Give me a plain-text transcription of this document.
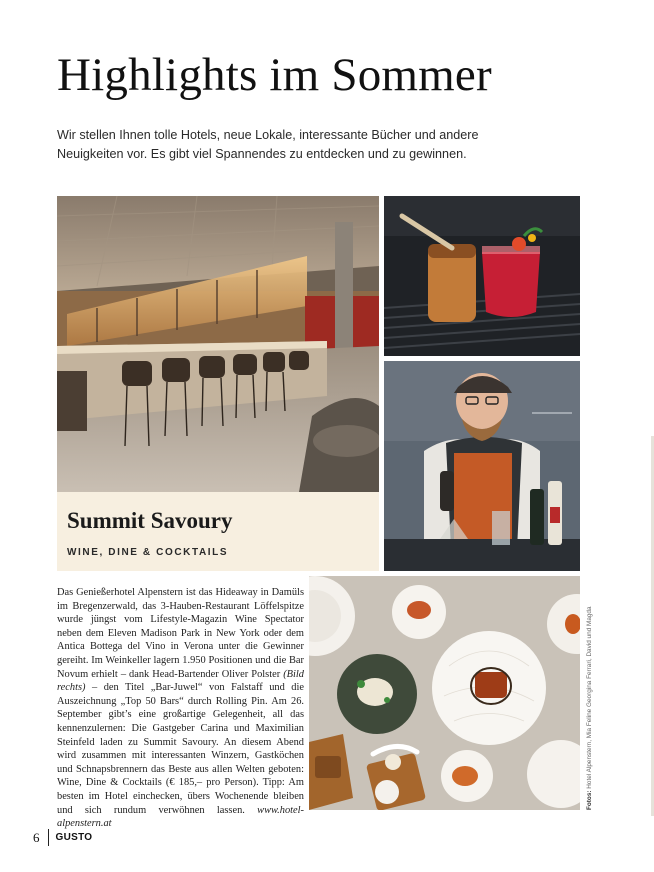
Highlights im Sommer

Wir stellen Ihnen tolle Hotels, neue Lokale, interessante Bücher und andere Neuigkeiten vor. Es gibt viel Spannendes zu entdecken und zu gewinnen.

Summit Savoury
WINE, DINE & COCKTAILS

Das Genießerhotel Alpenstern ist das Hideaway in Damüls im Bregenzerwald, das 3-Hauben-Restaurant Löffelspitze wurde jüngst vom Lifestyle-Magazin Wine Spectator neben dem Eleven Madison Park in New York oder dem Antica Bottega del Vino in Verona unter die Gewinner gereiht. Im Weinkeller lagern 1.950 Positionen und die Bar Novum erhielt – dank Head-Bartender Oliver Polster (Bild rechts) – den Titel „Bar-Juwel“ von Falstaff und die Auszeichnung „Top 50 Bars“ durch Rolling Pin. Am 26. September gibt’s eine großartige Gelegenheit, all das kennenzulernen: Die Gastgeber Carina und Maximilian Steinfeld laden zu Summit Savoury. An diesem Abend wird zusammen mit interessanten Winzern, Gastköchen und Schnapsbrennern das Beste aus allen Welten geboten: Wine, Dine & Cocktails (€ 185,– pro Person). Tipp: Am besten im Hotel einchecken, übers Wochenende bleiben und sich rundum verwöhnen lassen. www.hotel-alpenstern.at

Fotos: Hotel Alpenstern, Mia Feline Georgina Ferrari, David und Magda
6 GUSTO
